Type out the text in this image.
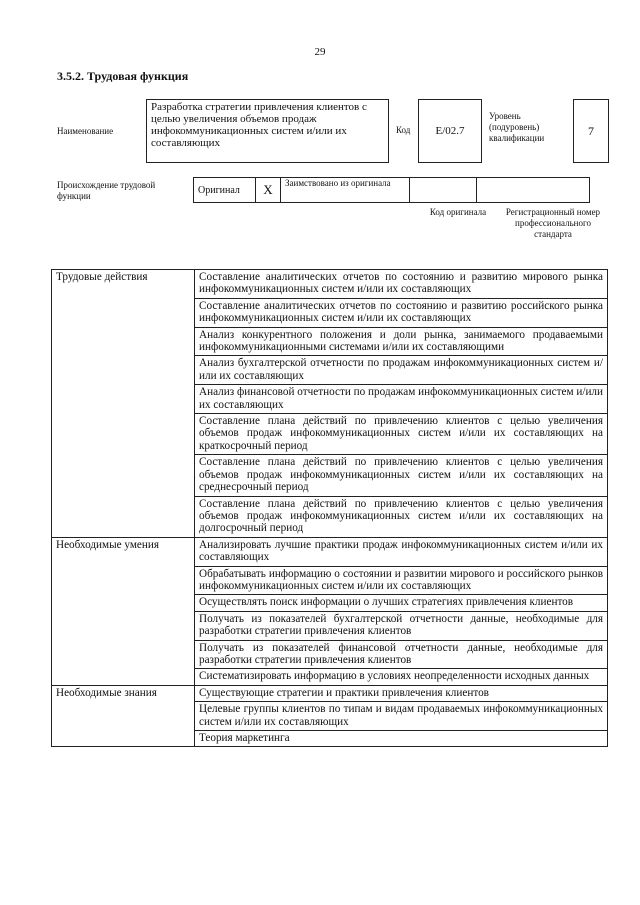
29
3.5.2. Трудовая функция
Наименование
Разработка стратегии привлечения клиентов с целью увеличения объемов продаж инфокоммуникационных систем и/или их составляющих
Код E/02.7
Уровень (подуровень) квалификации
7
Происхождение трудовой функции
Оригинал	X	Заимствовано из оригинала		
Код оригинала	Регистрационный номер профессионального стандарта
Трудовые действия	Составление аналитических отчетов по состоянию и развитию мирового рынка инфокоммуникационных систем и/или их составляющих
	Составление аналитических отчетов по состоянию и развитию российского рынка инфокоммуникационных систем и/или их составляющих
	Анализ конкурентного положения и доли рынка, занимаемого продаваемыми инфокоммуникационными системами и/или их составляющими
	Анализ бухгалтерской отчетности по продажам инфокоммуникационных систем и/или их составляющих
	Анализ финансовой отчетности по продажам инфокоммуникационных систем и/или их составляющих
	Составление плана действий по привлечению клиентов с целью увеличения объемов продаж инфокоммуникационных систем и/или их составляющих на краткосрочный период
	Составление плана действий по привлечению клиентов с целью увеличения объемов продаж инфокоммуникационных систем и/или их составляющих на среднесрочный период
	Составление плана действий по привлечению клиентов с целью увеличения объемов продаж инфокоммуникационных систем и/или их составляющих на долгосрочный период
Необходимые умения	Анализировать лучшие практики продаж инфокоммуникационных систем и/или их составляющих
	Обрабатывать информацию о состоянии и развитии мирового и российского рынков инфокоммуникационных систем и/или их составляющих
	Осуществлять поиск информации о лучших стратегиях привлечения клиентов
	Получать из показателей бухгалтерской отчетности данные, необходимые для разработки стратегии привлечения клиентов
	Получать из показателей финансовой отчетности данные, необходимые для разработки стратегии привлечения клиентов
	Систематизировать информацию в условиях неопределенности исходных данных
Необходимые знания	Существующие стратегии и практики привлечения клиентов
	Целевые группы клиентов по типам и видам продаваемых инфокоммуникационных систем и/или их составляющих
	Теория маркетинга
